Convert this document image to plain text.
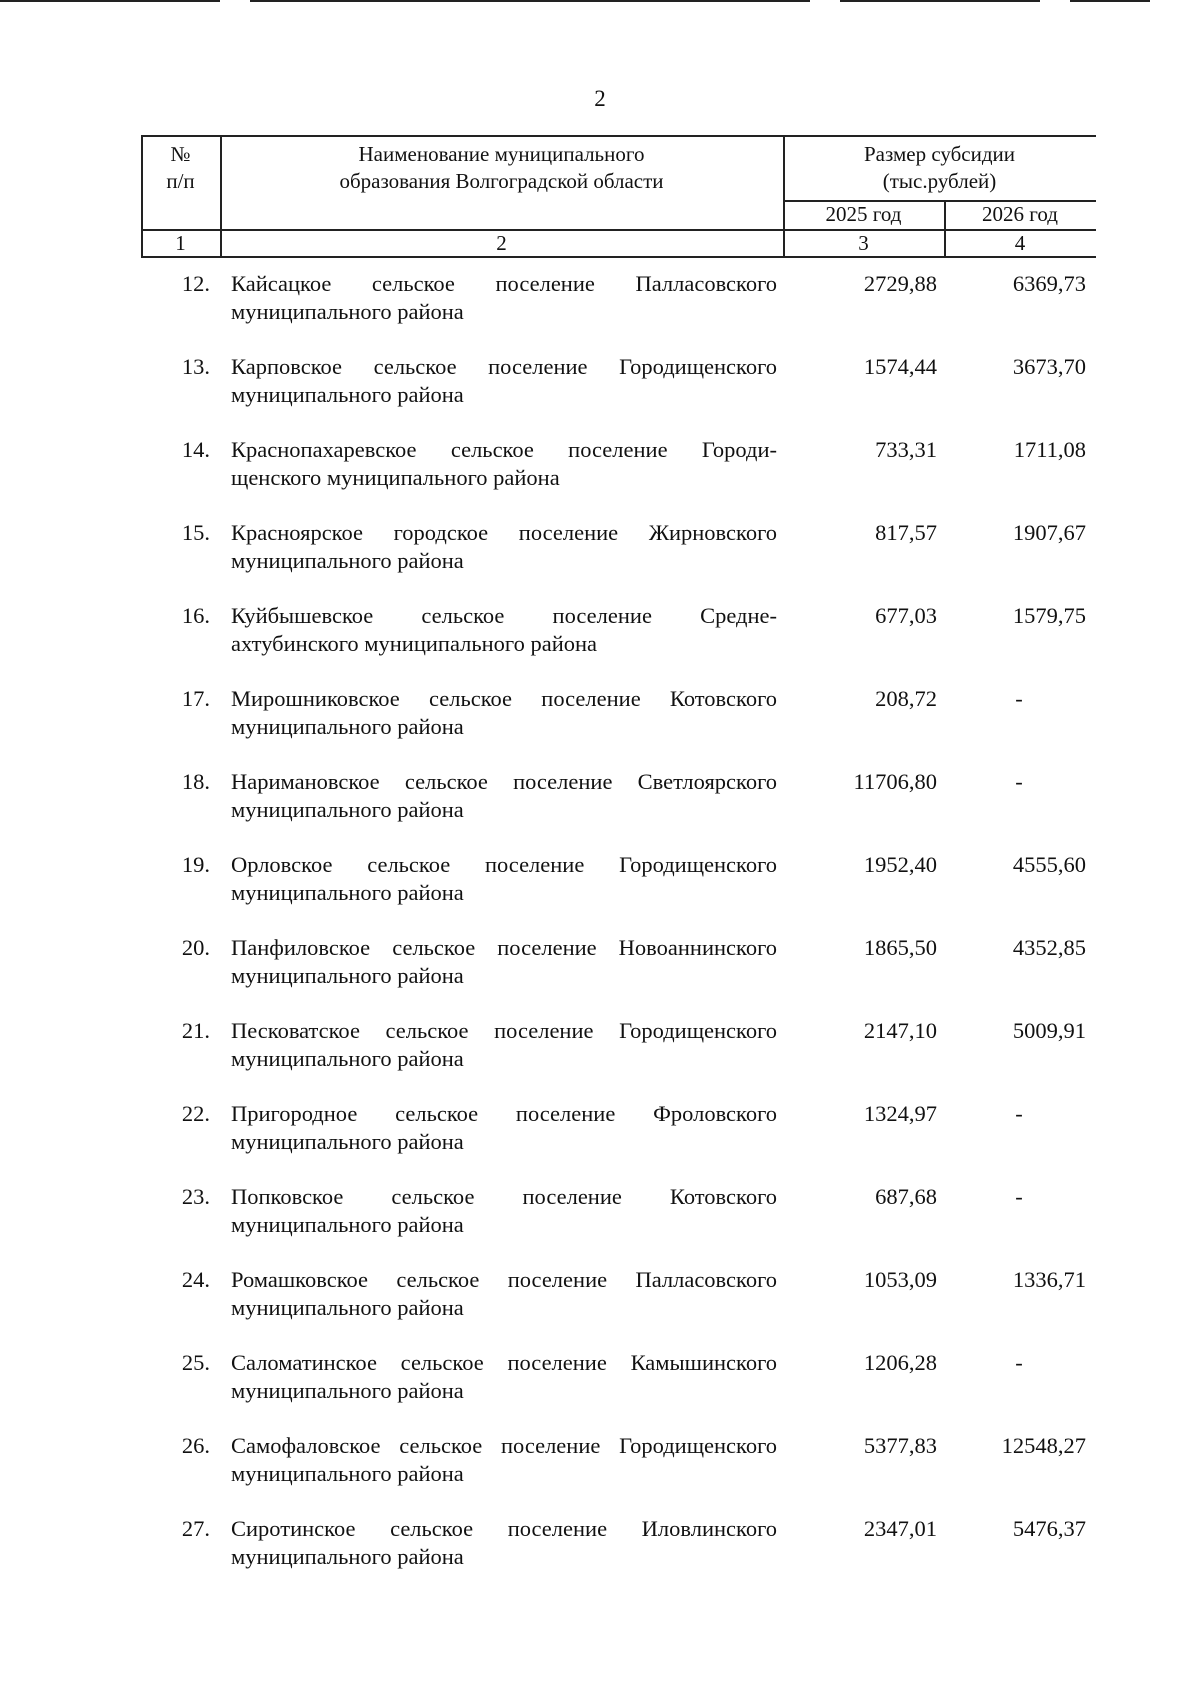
2
№
п/п
Наименование муниципального
образования Волгоградской области
Размер субсидии
(тыс.рублей)
2025 год	2026 год
1	2	3	4
12. Кайсацкое сельское поселение Палласовского
муниципального района
2729,88	6369,73
13. Карповское сельское поселение Городищенского
муниципального района
1574,44	3673,70
14. Краснопахаревское сельское поселение Городи-
щенского муниципального района
733,31	1711,08
15. Красноярское городское поселение Жирновского
муниципального района
817,57	1907,67
16. Куйбышевское сельское поселение Средне-
ахтубинского муниципального района
677,03	1579,75
17. Мирошниковское сельское поселение Котовского
муниципального района
208,72	-
18. Наримановское сельское поселение Светлоярского
муниципального района
11706,80	-
19. Орловское сельское поселение Городищенского
муниципального района
1952,40	4555,60
20. Панфиловское сельское поселение Новоаннинского
муниципального района
1865,50	4352,85
21. Песковатское сельское поселение Городищенского
муниципального района
2147,10	5009,91
22. Пригородное сельское поселение Фроловского
муниципального района
1324,97	-
23. Попковское сельское поселение Котовского
муниципального района
687,68	-
24. Ромашковское сельское поселение Палласовского
муниципального района
1053,09	1336,71
25. Саломатинское сельское поселение Камышинского
муниципального района
1206,28	-
26. Самофаловское сельское поселение Городищенского
муниципального района
5377,83	12548,27
27. Сиротинское сельское поселение Иловлинского
муниципального района
2347,01	5476,37
